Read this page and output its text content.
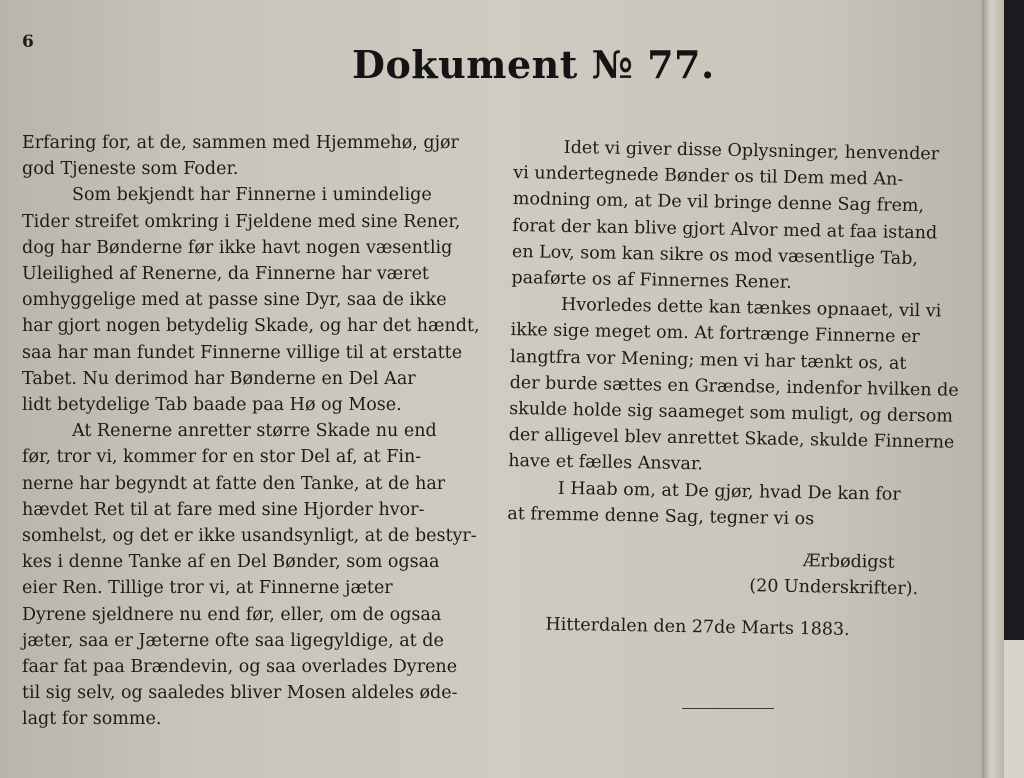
6	Dokument № 77.
Erfaring for, at de, sammen med Hjemmehø, gjør
god Tjeneste som Foder.
Som bekjendt har Finnerne i umindelige
Tider streifet omkring i Fjeldene med sine Rener,
dog har Bønderne før ikke havt nogen væsentlig
Uleilighed af Renerne, da Finnerne har været
omhyggelige med at passe sine Dyr, saa de ikke
har gjort nogen betydelig Skade, og har det hændt,
saa har man fundet Finnerne villige til at erstatte
Tabet. Nu derimod har Bønderne en Del Aar
lidt betydelige Tab baade paa Hø og Mose.
At Renerne anretter større Skade nu end
før, tror vi, kommer for en stor Del af, at Fin-
nerne har begyndt at fatte den Tanke, at de har
hævdet Ret til at fare med sine Hjorder hvor-
somhelst, og det er ikke usandsynligt, at de bestyr-
kes i denne Tanke af en Del Bønder, som ogsaa
eier Ren. Tillige tror vi, at Finnerne jæter
Dyrene sjeldnere nu end før, eller, om de ogsaa
jæter, saa er Jæterne ofte saa ligegyldige, at de
faar fat paa Brændevin, og saa overlades Dyrene
til sig selv, og saaledes bliver Mosen aldeles øde-
lagt for somme.
Idet vi giver disse Oplysninger, henvender
vi undertegnede Bønder os til Dem med An-
modning om, at De vil bringe denne Sag frem,
forat der kan blive gjort Alvor med at faa istand
en Lov, som kan sikre os mod væsentlige Tab,
paaførte os af Finnernes Rener.
Hvorledes dette kan tænkes opnaaet, vil vi
ikke sige meget om. At fortrænge Finnerne er
langtfra vor Mening; men vi har tænkt os, at
der burde sættes en Grændse, indenfor hvilken de
skulde holde sig saameget som muligt, og dersom
der alligevel blev anrettet Skade, skulde Finnerne
have et fælles Ansvar.
I Haab om, at De gjør, hvad De kan for
at fremme denne Sag, tegner vi os
Ærbødigst
(20 Underskrifter).
Hitterdalen den 27de Marts 1883.
